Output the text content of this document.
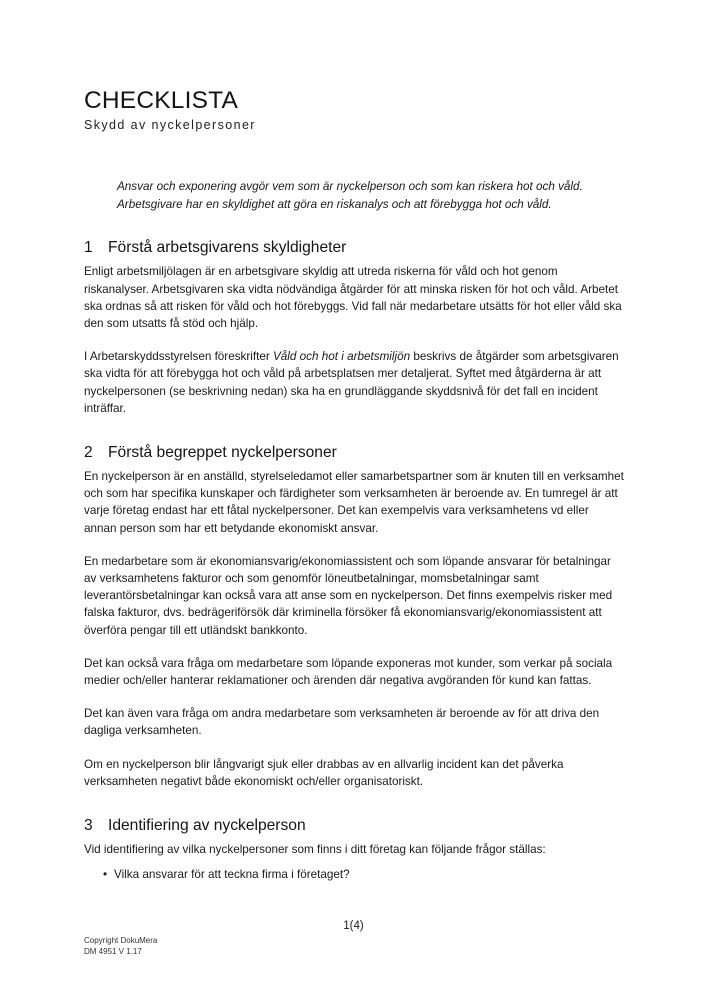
CHECKLISTA
Skydd av nyckelpersoner

Ansvar och exponering avgör vem som är nyckelperson och som kan riskera hot och våld. Arbetsgivare har en skyldighet att göra en riskanalys och att förebygga hot och våld.

1 Förstå arbetsgivarens skyldigheter

Enligt arbetsmiljölagen är en arbetsgivare skyldig att utreda riskerna för våld och hot genom riskanalyser. Arbetsgivaren ska vidta nödvändiga åtgärder för att minska risken för hot och våld. Arbetet ska ordnas så att risken för våld och hot förebyggs. Vid fall när medarbetare utsätts för hot eller våld ska den som utsatts få stöd och hjälp.

I Arbetarskyddsstyrelsen föreskrifter Våld och hot i arbetsmiljön beskrivs de åtgärder som arbetsgivaren ska vidta för att förebygga hot och våld på arbetsplatsen mer detaljerat. Syftet med åtgärderna är att nyckelpersonen (se beskrivning nedan) ska ha en grundläggande skyddsnivå för det fall en incident inträffar.

2 Förstå begreppet nyckelpersoner

En nyckelperson är en anställd, styrelseledamot eller samarbetspartner som är knuten till en verksamhet och som har specifika kunskaper och färdigheter som verksamheten är beroende av. En tumregel är att varje företag endast har ett fåtal nyckelpersoner. Det kan exempelvis vara verksamhetens vd eller annan person som har ett betydande ekonomiskt ansvar.

En medarbetare som är ekonomiansvarig/ekonomiassistent och som löpande ansvarar för betalningar av verksamhetens fakturor och som genomför löneutbetalningar, momsbetalningar samt leverantörsbetalningar kan också vara att anse som en nyckelperson. Det finns exempelvis risker med falska fakturor, dvs. bedrägeriförsök där kriminella försöker få ekonomiansvarig/ekonomiassistent att överföra pengar till ett utländskt bankkonto.

Det kan också vara fråga om medarbetare som löpande exponeras mot kunder, som verkar på sociala medier och/eller hanterar reklamationer och ärenden där negativa avgöranden för kund kan fattas.

Det kan även vara fråga om andra medarbetare som verksamheten är beroende av för att driva den dagliga verksamheten.

Om en nyckelperson blir långvarigt sjuk eller drabbas av en allvarlig incident kan det påverka verksamheten negativt både ekonomiskt och/eller organisatoriskt.

3 Identifiering av nyckelperson

Vid identifiering av vilka nyckelpersoner som finns i ditt företag kan följande frågor ställas:

• Vilka ansvarar för att teckna firma i företaget?
1(4)
Copyright DokuMera
DM 4951 V 1.17
